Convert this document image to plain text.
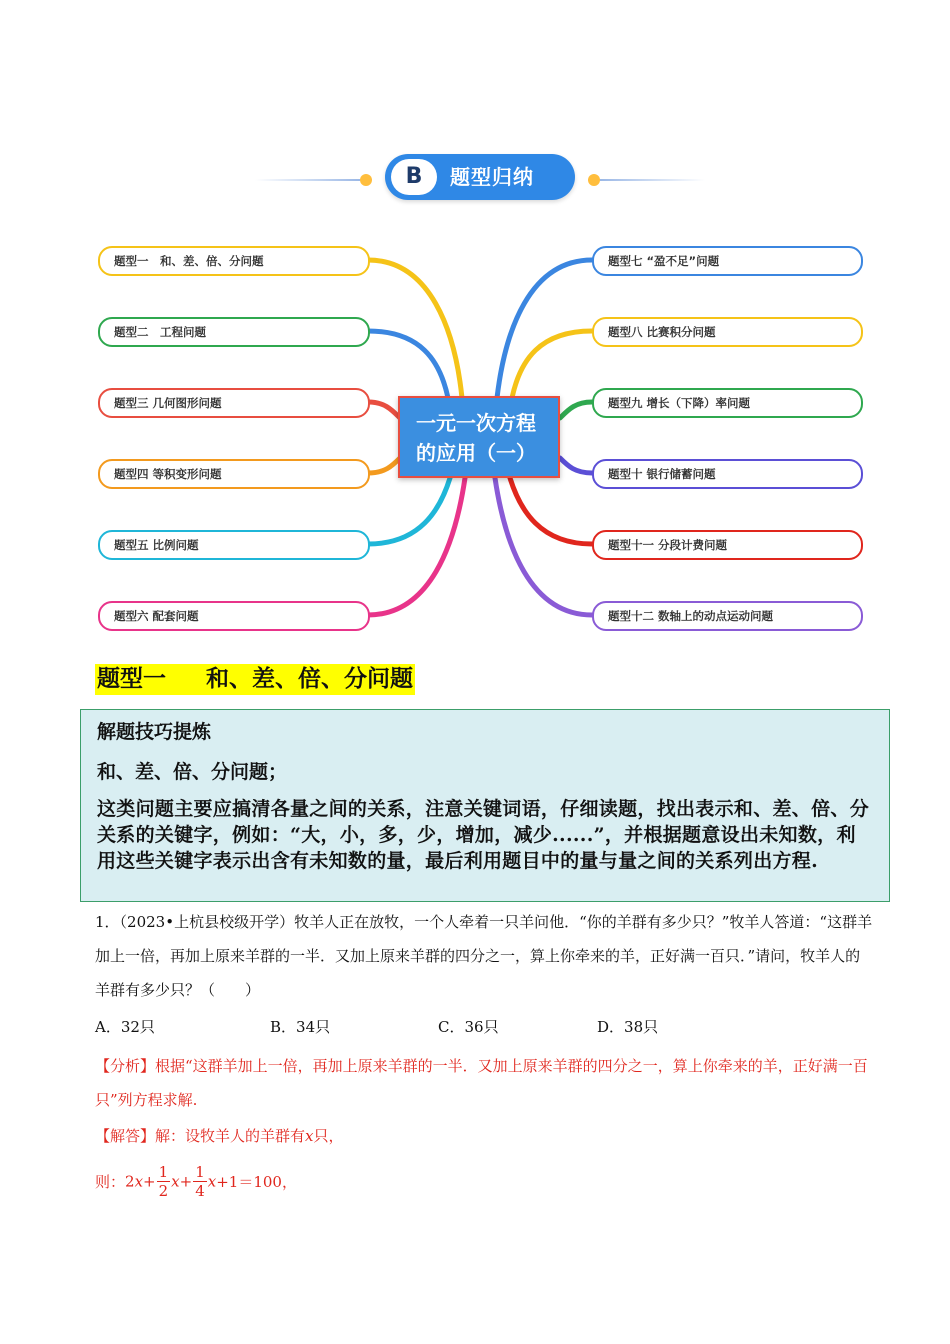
B	题型归纳
题型一　和、差、倍、分问题
题型二　工程问题
题型三 几何图形问题
题型四 等积变形问题
题型五 比例问题
题型六 配套问题
题型七 “盈不足”问题
题型八 比赛积分问题
题型九 增长（下降）率问题
题型十 银行储蓄问题
题型十一 分段计费问题
题型十二 数轴上的动点运动问题
一元一次方程
的应用（一）
题型一     和、差、倍、分问题

解题技巧提炼

和、差、倍、分问题；

这类问题主要应搞清各量之间的关系，注意关键词语，仔细读题，找出表示和、差、倍、分关系的关键字，例如：“大，小，多，少，增加，减少......”，并根据题意设出未知数，利用这些关键字表示出含有未知数的量，最后利用题目中的量与量之间的关系列出方程.

1．（2023•上杭县校级开学）牧羊人正在放牧，一个人牵着一只羊问他．“你的羊群有多少只？”牧羊人答道：“这群羊加上一倍，再加上原来羊群的一半．又加上原来羊群的四分之一，算上你牵来的羊，正好满一百只．”请问，牧羊人的羊群有多少只？（　　）
A．32只	B．34只	C．36只	D．38只
【分析】根据“这群羊加上一倍，再加上原来羊群的一半．又加上原来羊群的四分之一，算上你牵来的羊，正好满一百只”列方程求解.
【解答】解：设牧羊人的羊群有x只，
则：$2x+ \frac{1}{2} x+ \frac{1}{4} x+1=100$，
